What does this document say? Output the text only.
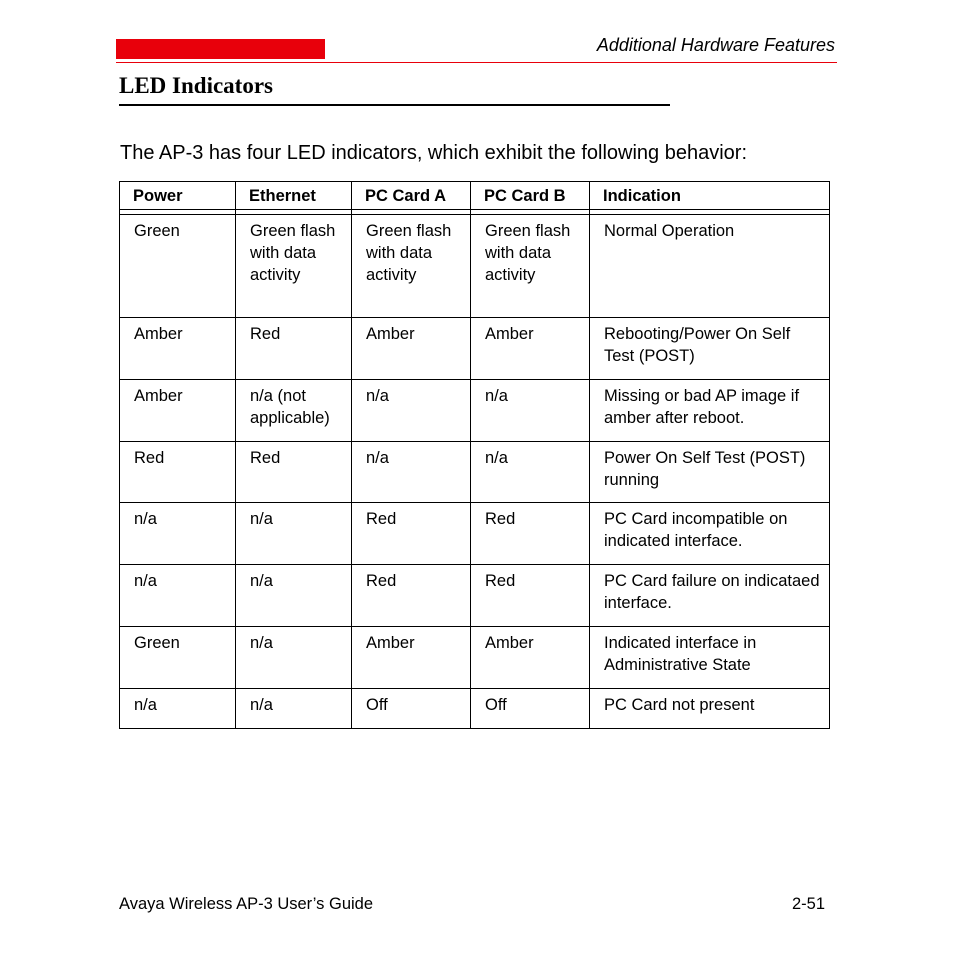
Additional Hardware Features
LED Indicators
The AP-3 has four LED indicators, which exhibit the following behavior:
Power	Ethernet	PC Card A	PC Card B	Indication

Green	Green flash with data activity	Green flash with data activity	Green flash with data activity	Normal Operation
Amber	Red	Amber	Amber	Rebooting/Power On Self Test (POST)
Amber	n/a (not applicable)	n/a	n/a	Missing or bad AP image if amber after reboot.
Red	Red	n/a	n/a	Power On Self Test (POST) running
n/a	n/a	Red	Red	PC Card incompatible on indicated interface.
n/a	n/a	Red	Red	PC Card failure on indicataed interface.
Green	n/a	Amber	Amber	Indicated interface in Administrative State
n/a	n/a	Off	Off	PC Card not present
Avaya Wireless AP-3 User’s Guide	2-51
